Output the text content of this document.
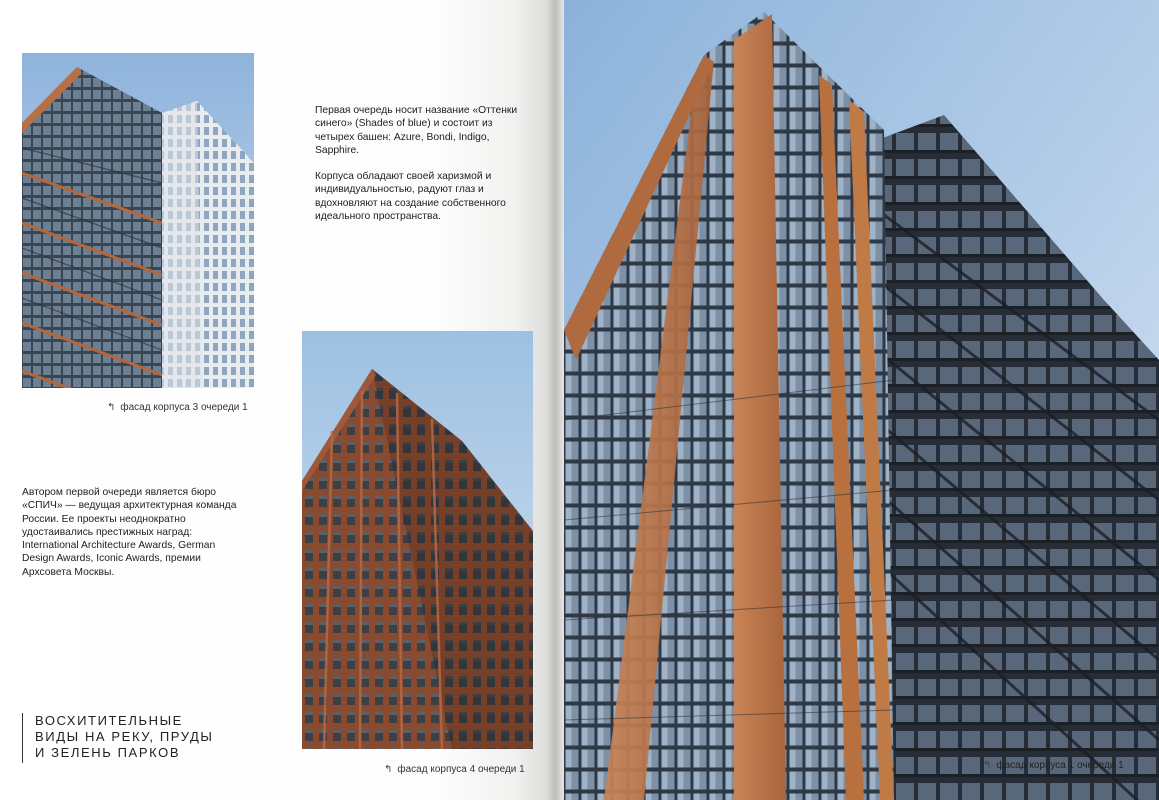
↰ фасад корпуса 3 очереди 1

Первая очередь носит название «Оттенки синего» (Shades of blue) и состоит из четырех башен: Azure, Bondi, Indigo, Sapphire.

Корпуса обладают своей харизмой и индивидуальностью, радуют глаз и вдохновляют на создание собственного идеального пространства.

↰ фасад корпуса 4 очереди 1

Автором первой очереди является бюро «СПИЧ» — ведущая архитектурная команда России. Ее проекты неоднократно удостаивались престижных наград: International Architecture Awards, German Design Awards, Iconic Awards, премии Архсовета Москвы.

ВОСХИТИТЕЛЬНЫЕ
ВИДЫ НА РЕКУ, ПРУДЫ
И ЗЕЛЕНЬ ПАРКОВ
↰ фасад корпуса 1 очереди 1
